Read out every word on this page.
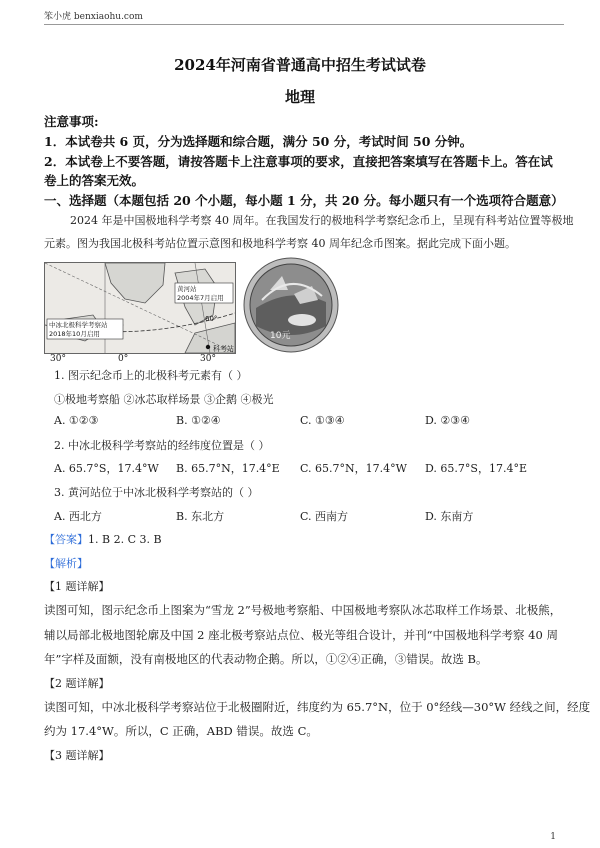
笨小虎 benxiaohu.com
2024年河南省普通高中招生考试试卷
地理
注意事项:
1．本试卷共 6 页，分为选择题和综合题，满分 50 分，考试时间 50 分钟。
2．本试卷上不要答题，请按答题卡上注意事项的要求，直接把答案填写在答题卡上。答在试
卷上的答案无效。
一、选择题（本题包括 20 个小题，每小题 1 分，共 20 分。每小题只有一个选项符合题意）
2024 年是中国极地科学考察 40 周年。在我国发行的极地科学考察纪念币上，呈现有科考站位置等极地
元素。图为我国北极科考站位置示意图和极地科学考察 40 周年纪念币图案。据此完成下面小题。
黄河站
2004年7月启用
中冰北极科学考察站
2018年10月启用
60°
科考站
30°	0°	30°
10元
1. 图示纪念币上的北极科考元素有（ ）
①极地考察船 ②冰芯取样场景 ③企鹅 ④极光
A. ①②③	B. ①②④	C. ①③④	D. ②③④
2. 中冰北极科学考察站的经纬度位置是（ ）
A. 65.7°S，17.4°W B. 65.7°N，17.4°E C. 65.7°N，17.4°W D. 65.7°S，17.4°E
3. 黄河站位于中冰北极科学考察站的（ ）
A. 西北方	B. 东北方	C. 西南方	D. 东南方
【答案】1. B 2. C 3. B
【解析】
【1 题详解】
读图可知，图示纪念币上图案为“雪龙 2”号极地考察船、中国极地考察队冰芯取样工作场景、北极熊，
辅以局部北极地图轮廓及中国 2 座北极考察站点位、极光等组合设计，并刊“中国极地科学考察 40 周
年”字样及面额，没有南极地区的代表动物企鹅。所以，①②④正确，③错误。故选 B。
【2 题详解】
读图可知，中冰北极科学考察站位于北极圈附近，纬度约为 65.7°N，位于 0°经线—30°W 经线之间，经度
约为 17.4°W。所以，C 正确，ABD 错误。故选 C。
【3 题详解】
1
